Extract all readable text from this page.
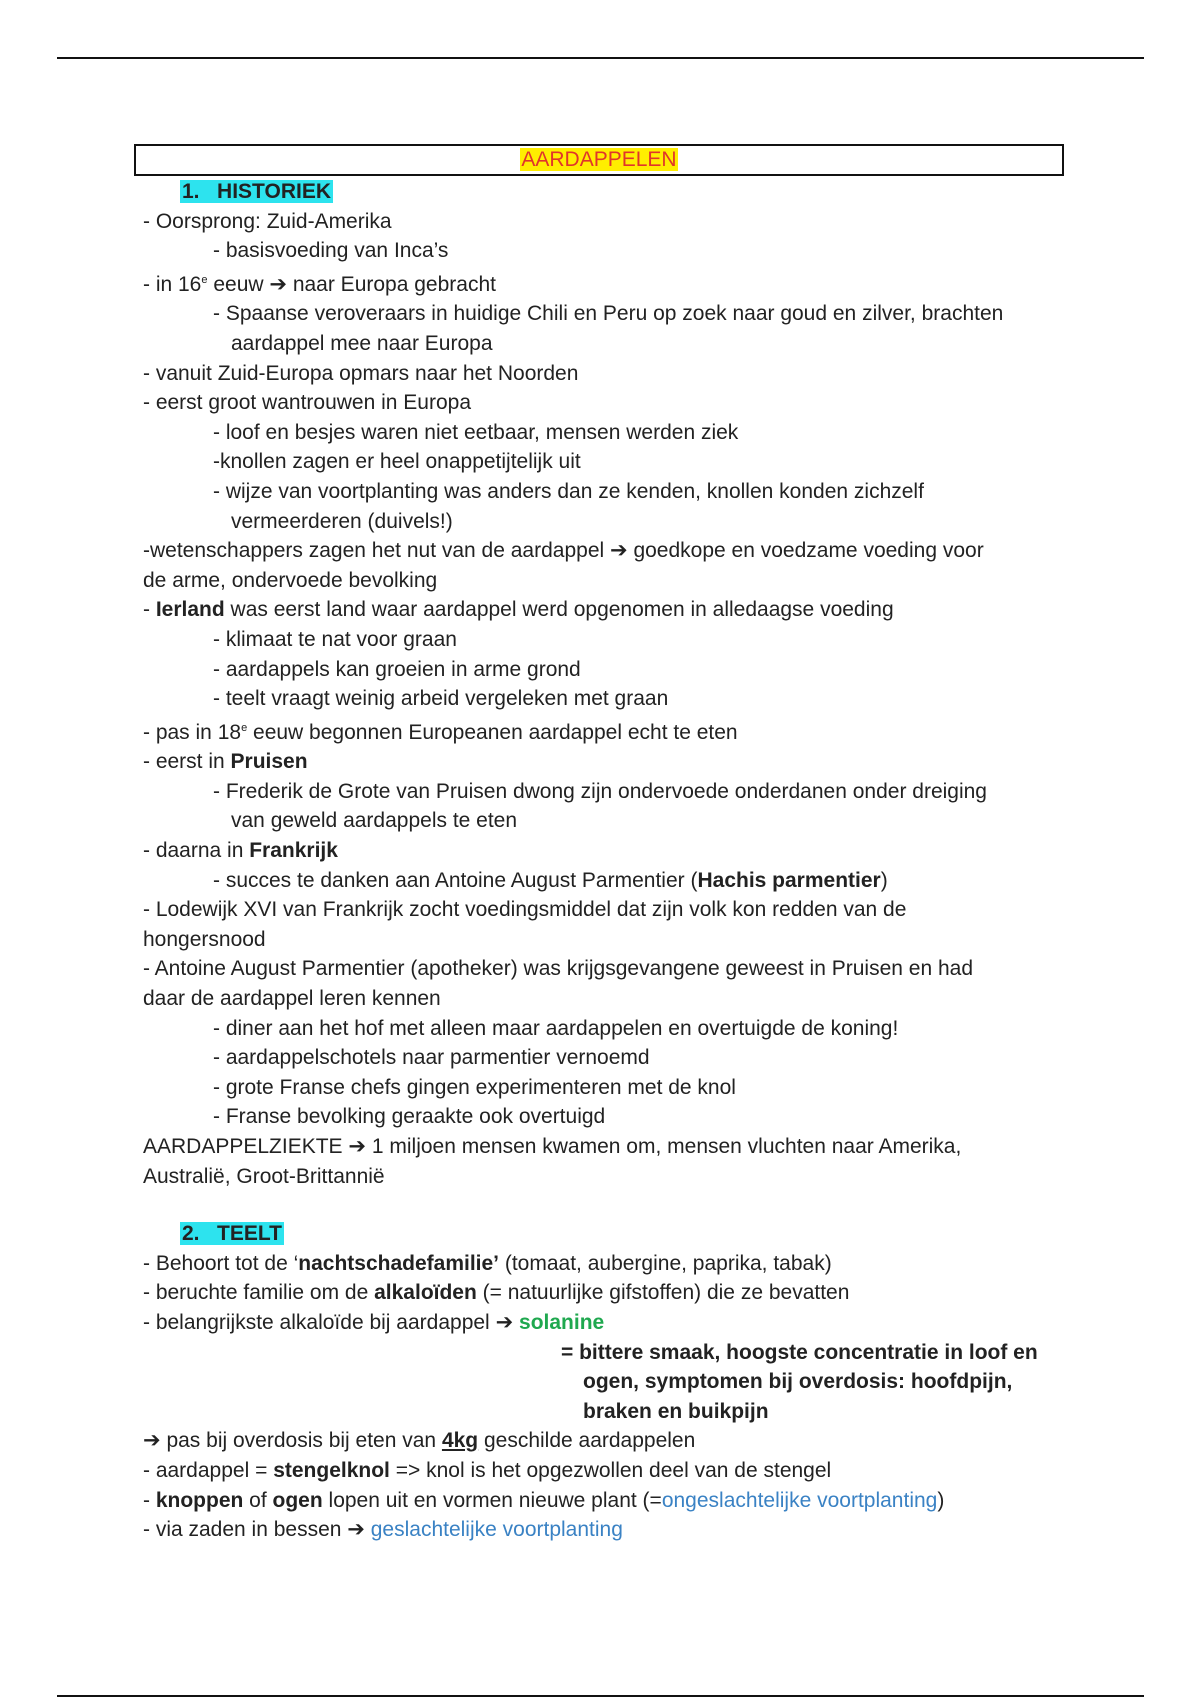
AARDAPPELEN
1. HISTORIEK
- Oorsprong: Zuid-Amerika
- basisvoeding van Inca’s
- in 16e eeuw ➔ naar Europa gebracht
- Spaanse veroveraars in huidige Chili en Peru op zoek naar goud en zilver, brachten
aardappel mee naar Europa
- vanuit Zuid-Europa opmars naar het Noorden
- eerst groot wantrouwen in Europa
- loof en besjes waren niet eetbaar, mensen werden ziek
-knollen zagen er heel onappetijtelijk uit
- wijze van voortplanting was anders dan ze kenden, knollen konden zichzelf
vermeerderen (duivels!)
-wetenschappers zagen het nut van de aardappel ➔ goedkope en voedzame voeding voor
de arme, ondervoede bevolking
- Ierland was eerst land waar aardappel werd opgenomen in alledaagse voeding
- klimaat te nat voor graan
- aardappels kan groeien in arme grond
- teelt vraagt weinig arbeid vergeleken met graan
- pas in 18e eeuw begonnen Europeanen aardappel echt te eten
- eerst in Pruisen
- Frederik de Grote van Pruisen dwong zijn ondervoede onderdanen onder dreiging
van geweld aardappels te eten
- daarna in Frankrijk
- succes te danken aan Antoine August Parmentier (Hachis parmentier)
- Lodewijk XVI van Frankrijk zocht voedingsmiddel dat zijn volk kon redden van de
hongersnood
- Antoine August Parmentier (apotheker) was krijgsgevangene geweest in Pruisen en had
daar de aardappel leren kennen
- diner aan het hof met alleen maar aardappelen en overtuigde de koning!
- aardappelschotels naar parmentier vernoemd
- grote Franse chefs gingen experimenteren met de knol
- Franse bevolking geraakte ook overtuigd
AARDAPPELZIEKTE ➔ 1 miljoen mensen kwamen om, mensen vluchten naar Amerika,
Australië, Groot-Brittannië
2. TEELT
- Behoort tot de ‘nachtschadefamilie’ (tomaat, aubergine, paprika, tabak)
- beruchte familie om de alkaloïden (= natuurlijke gifstoffen) die ze bevatten
- belangrijkste alkaloïde bij aardappel ➔ solanine
= bittere smaak, hoogste concentratie in loof en
ogen, symptomen bij overdosis: hoofdpijn,
braken en buikpijn
➔ pas bij overdosis bij eten van 4kg geschilde aardappelen
- aardappel = stengelknol => knol is het opgezwollen deel van de stengel
- knoppen of ogen lopen uit en vormen nieuwe plant (=ongeslachtelijke voortplanting)
- via zaden in bessen ➔ geslachtelijke voortplanting
